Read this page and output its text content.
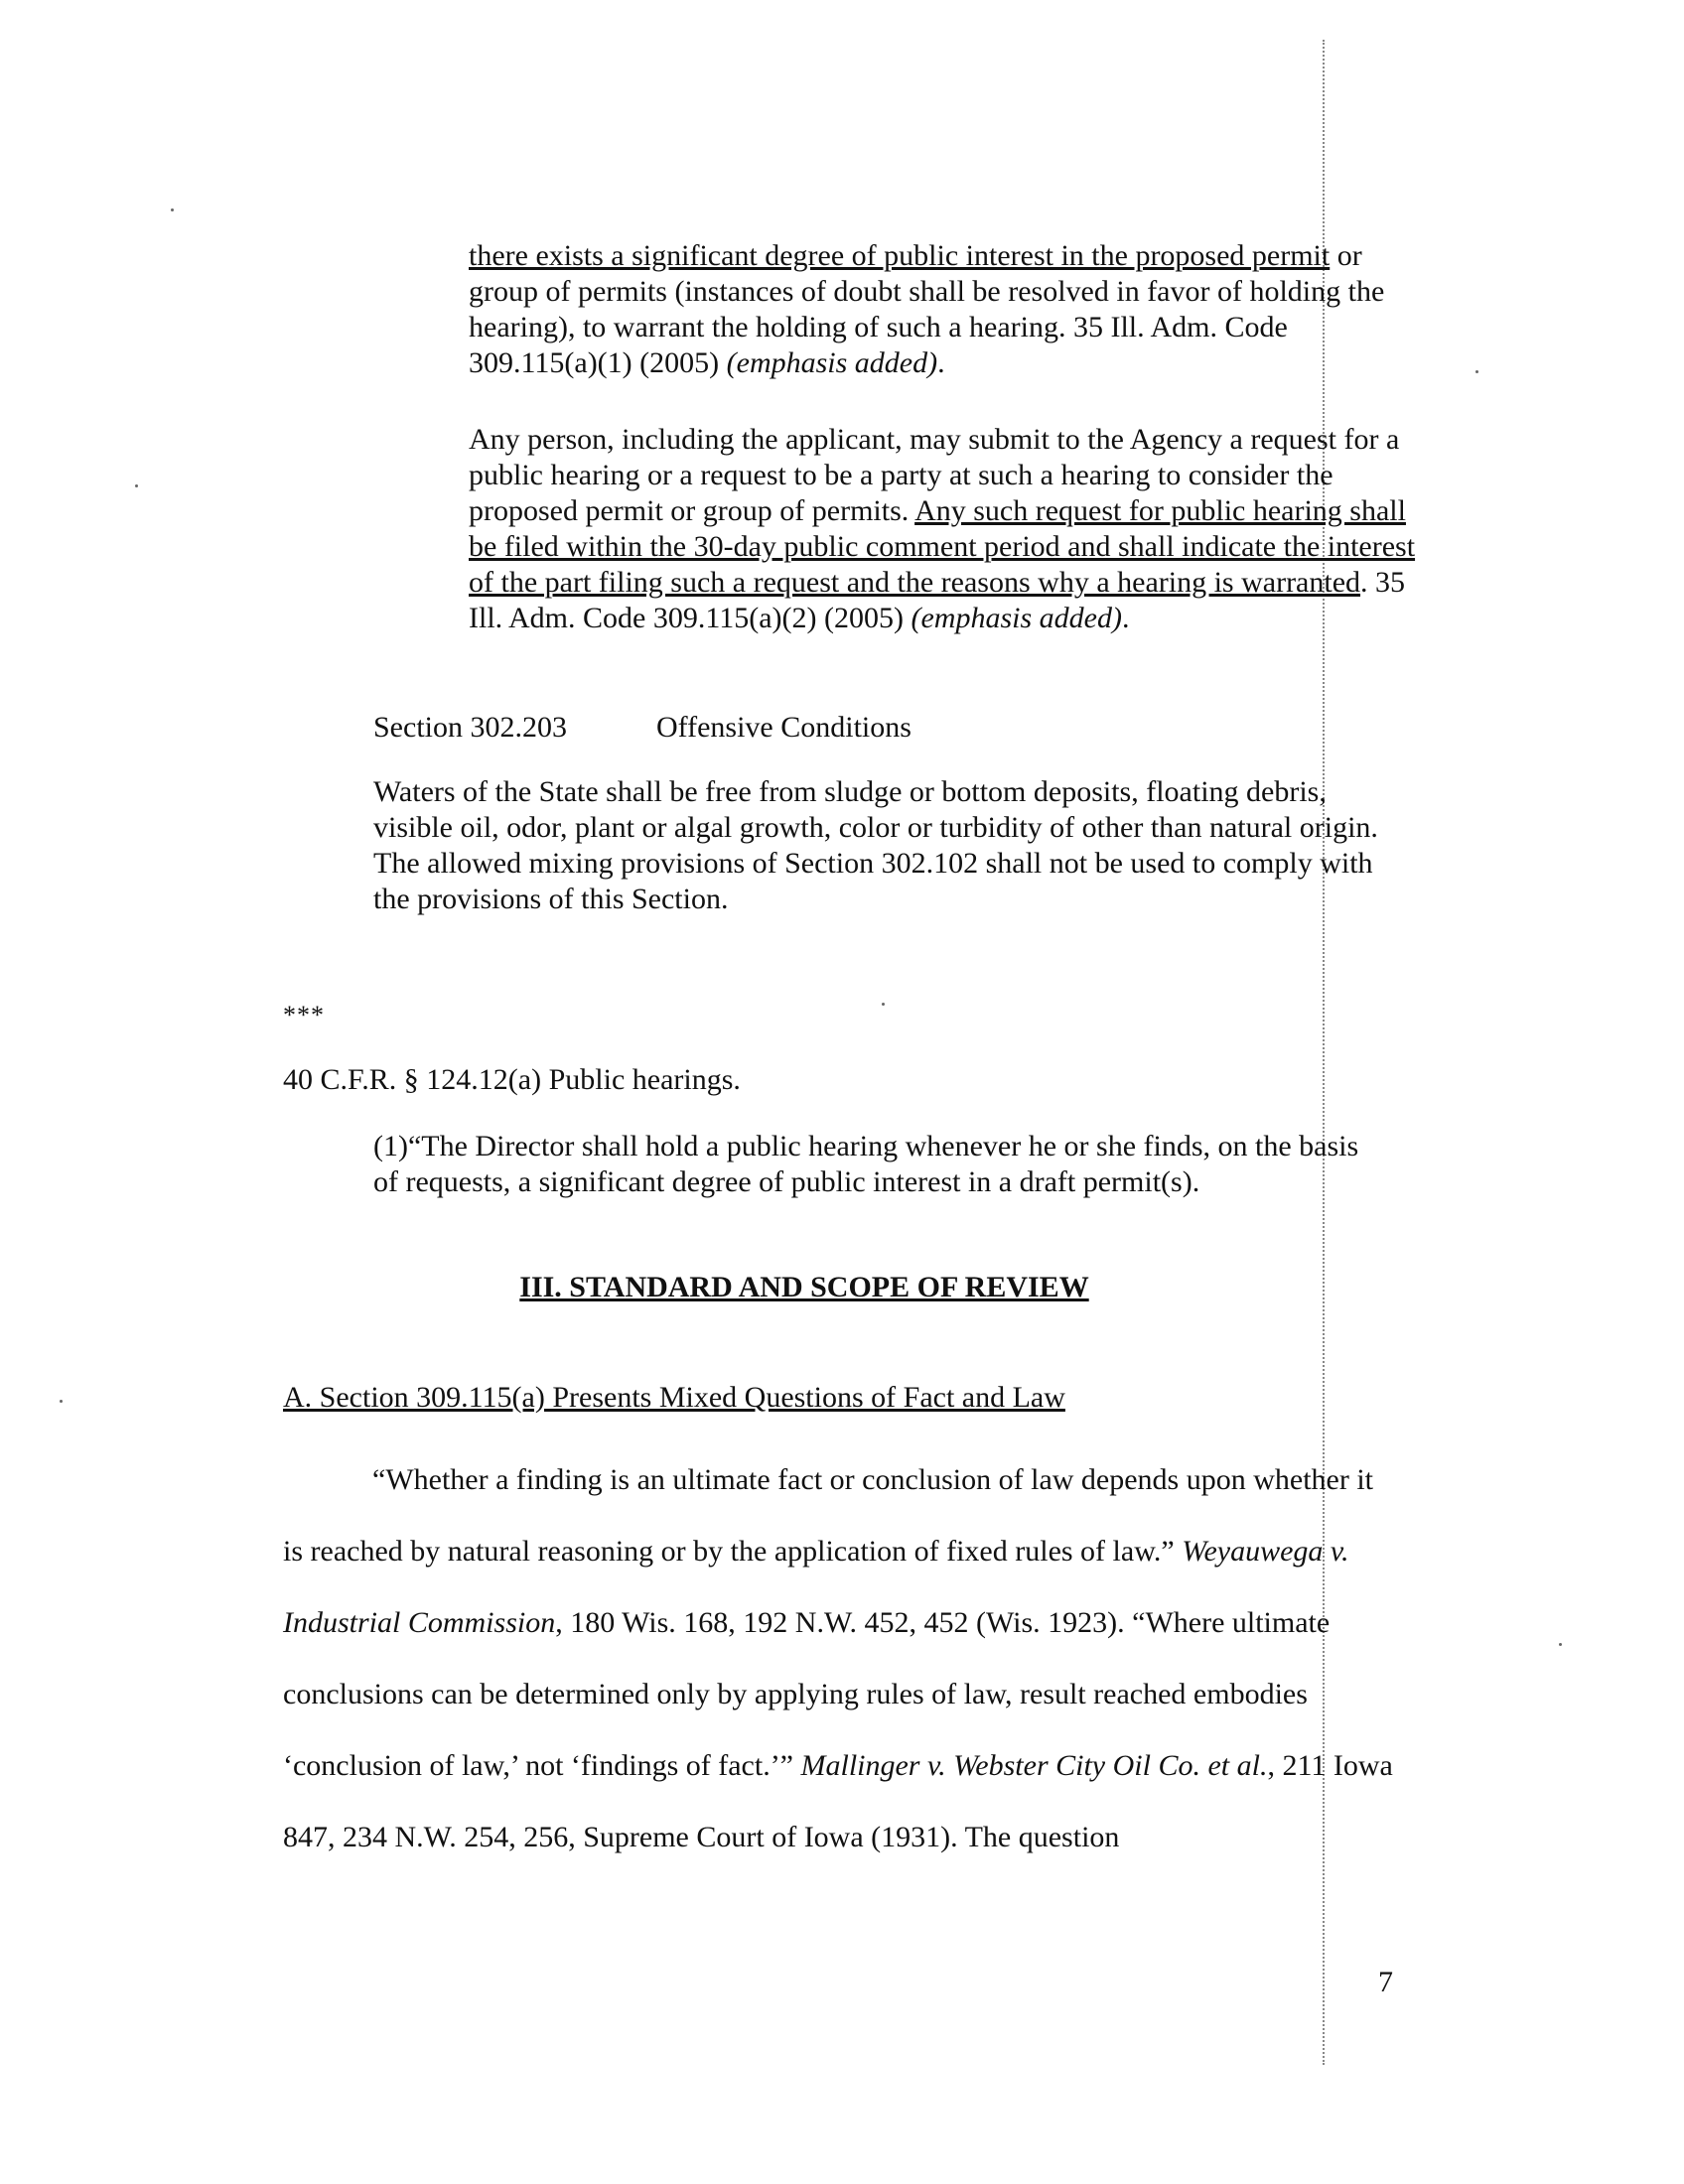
there exists a significant degree of public interest in the proposed permit or group of permits (instances of doubt shall be resolved in favor of holding the hearing), to warrant the holding of such a hearing. 35 Ill. Adm. Code 309.115(a)(1) (2005) (emphasis added).

Any person, including the applicant, may submit to the Agency a request for a public hearing or a request to be a party at such a hearing to consider the proposed permit or group of permits. Any such request for public hearing shall be filed within the 30-day public comment period and shall indicate the interest of the part filing such a request and the reasons why a hearing is warranted. 35 Ill. Adm. Code 309.115(a)(2) (2005) (emphasis added).

Section 302.203	Offensive Conditions

Waters of the State shall be free from sludge or bottom deposits, floating debris, visible oil, odor, plant or algal growth, color or turbidity of other than natural origin. The allowed mixing provisions of Section 302.102 shall not be used to comply with the provisions of this Section.

***

40 C.F.R. § 124.12(a) Public hearings.

(1)“The Director shall hold a public hearing whenever he or she finds, on the basis of requests, a significant degree of public interest in a draft permit(s).

III. STANDARD AND SCOPE OF REVIEW

A. Section 309.115(a) Presents Mixed Questions of Fact and Law

“Whether a finding is an ultimate fact or conclusion of law depends upon whether it is reached by natural reasoning or by the application of fixed rules of law.” Weyauwega v. Industrial Commission, 180 Wis. 168, 192 N.W. 452, 452 (Wis. 1923). “Where ultimate conclusions can be determined only by applying rules of law, result reached embodies ‘conclusion of law,’ not ‘findings of fact.’” Mallinger v. Webster City Oil Co. et al., 211 Iowa 847, 234 N.W. 254, 256, Supreme Court of Iowa (1931). The question

7
